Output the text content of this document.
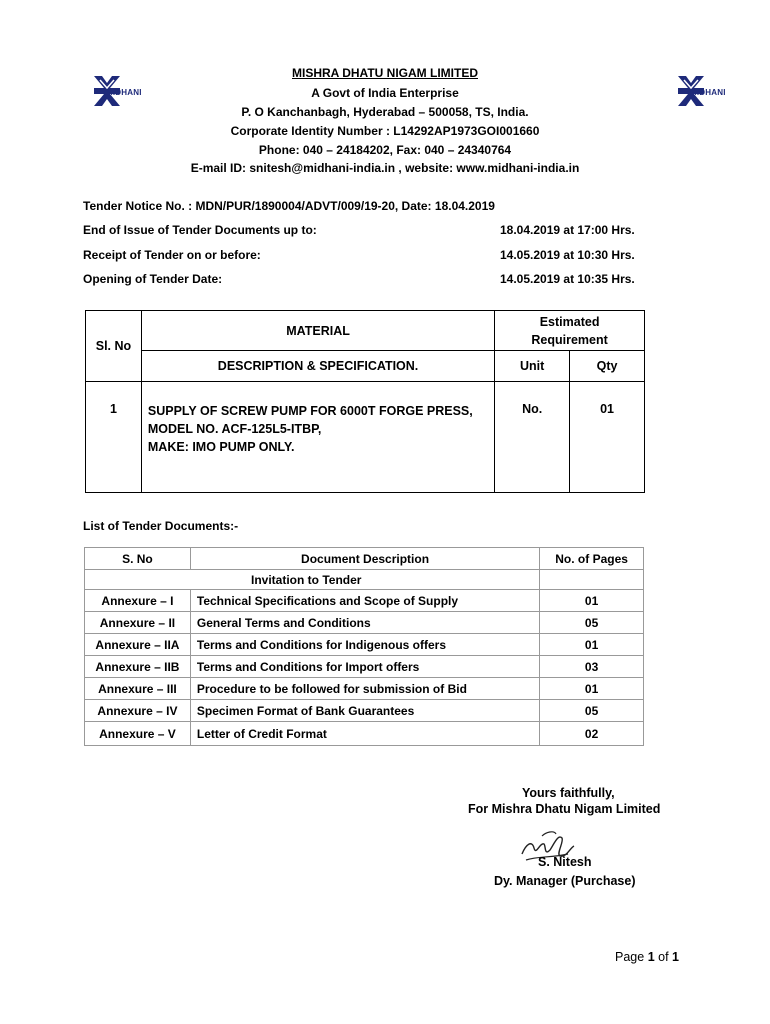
MIDHANI	MIDHANI
MISHRA DHATU NIGAM LIMITED
A Govt of India Enterprise
P. O Kanchanbagh, Hyderabad – 500058, TS, India.
Corporate Identity Number : L14292AP1973GOI001660
Phone: 040 – 24184202, Fax: 040 – 24340764
E-mail ID: snitesh@midhani-india.in , website: www.midhani-india.in
Tender Notice No. : MDN/PUR/1890004/ADVT/009/19-20, Date: 18.04.2019
End of Issue of Tender Documents up to:	18.04.2019 at 17:00 Hrs.
Receipt of Tender on or before:	14.05.2019 at 10:30 Hrs.
Opening of Tender Date:	14.05.2019 at 10:35 Hrs.
Sl. No	MATERIAL	Estimated
Requirement	

	DESCRIPTION & SPECIFICATION.	Unit	Qty
1	SUPPLY OF SCREW PUMP FOR 6000T FORGE PRESS,
MODEL NO. ACF-125L5-ITBP,
MAKE: IMO PUMP ONLY.	No.	01
List of Tender Documents:-
S. No	Document Description	No. of Pages
Invitation to Tender		
Annexure – I	Technical Specifications and Scope of Supply	01
Annexure – II	General Terms and Conditions	05
Annexure – IIA	Terms and Conditions for Indigenous offers	01
Annexure – IIB	Terms and Conditions for Import offers	03
Annexure – III	Procedure to be followed for submission of Bid	01
Annexure – IV	Specimen Format of Bank Guarantees	05
Annexure – V	Letter of Credit Format	02
Yours faithfully,
For Mishra Dhatu Nigam Limited
S. Nitesh
Dy. Manager (Purchase)
Page 1 of 1
